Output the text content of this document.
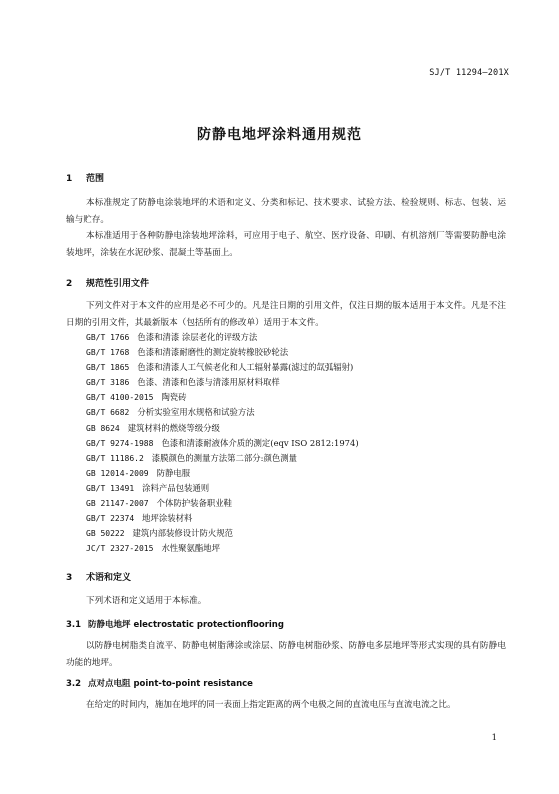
SJ/T 11294—201X
防静电地坪涂料通用规范
1 范围
本标准规定了防静电涂装地坪的术语和定义、分类和标记、技术要求、试验方法、检验规则、标志、包装、运输与贮存。
本标准适用于各种防静电涂装地坪涂料，可应用于电子、航空、医疗设备、印刷、有机溶剂厂等需要防静电涂装地坪，涂装在水泥砂浆、混凝土等基面上。
2 规范性引用文件
下列文件对于本文件的应用是必不可少的。凡是注日期的引用文件，仅注日期的版本适用于本文件。凡是不注日期的引用文件，其最新版本（包括所有的修改单）适用于本文件。
GB/T 1766 色漆和清漆 涂层老化的评级方法
GB/T 1768 色漆和清漆耐磨性的测定旋转橡胶砂轮法
GB/T 1865 色漆和清漆人工气候老化和人工辐射暴露(滤过的氙弧辐射)
GB/T 3186 色漆、清漆和色漆与清漆用原材料取样
GB/T 4100-2015 陶瓷砖
GB/T 6682 分析实验室用水规格和试验方法
GB 8624 建筑材料的燃烧等级分级
GB/T 9274-1988 色漆和清漆耐液体介质的测定(eqv ISO 2812:1974)
GB/T 11186.2 漆膜颜色的测量方法第二部分:颜色测量
GB 12014-2009 防静电服
GB/T 13491 涂料产品包装通则
GB 21147-2007 个体防护装备职业鞋
GB/T 22374 地坪涂装材料
GB 50222 建筑内部装修设计防火规范
JC/T 2327-2015 水性聚氨酯地坪
3 术语和定义
下列术语和定义适用于本标准。
3.1 防静电地坪 electrostatic protectionflooring
以防静电树脂类自流平、防静电树脂薄涂或涂层、防静电树脂砂浆、防静电多层地坪等形式实现的具有防静电功能的地坪。
3.2 点对点电阻 point-to-point resistance
在给定的时间内，施加在地坪的同一表面上指定距离的两个电极之间的直流电压与直流电流之比。
1
